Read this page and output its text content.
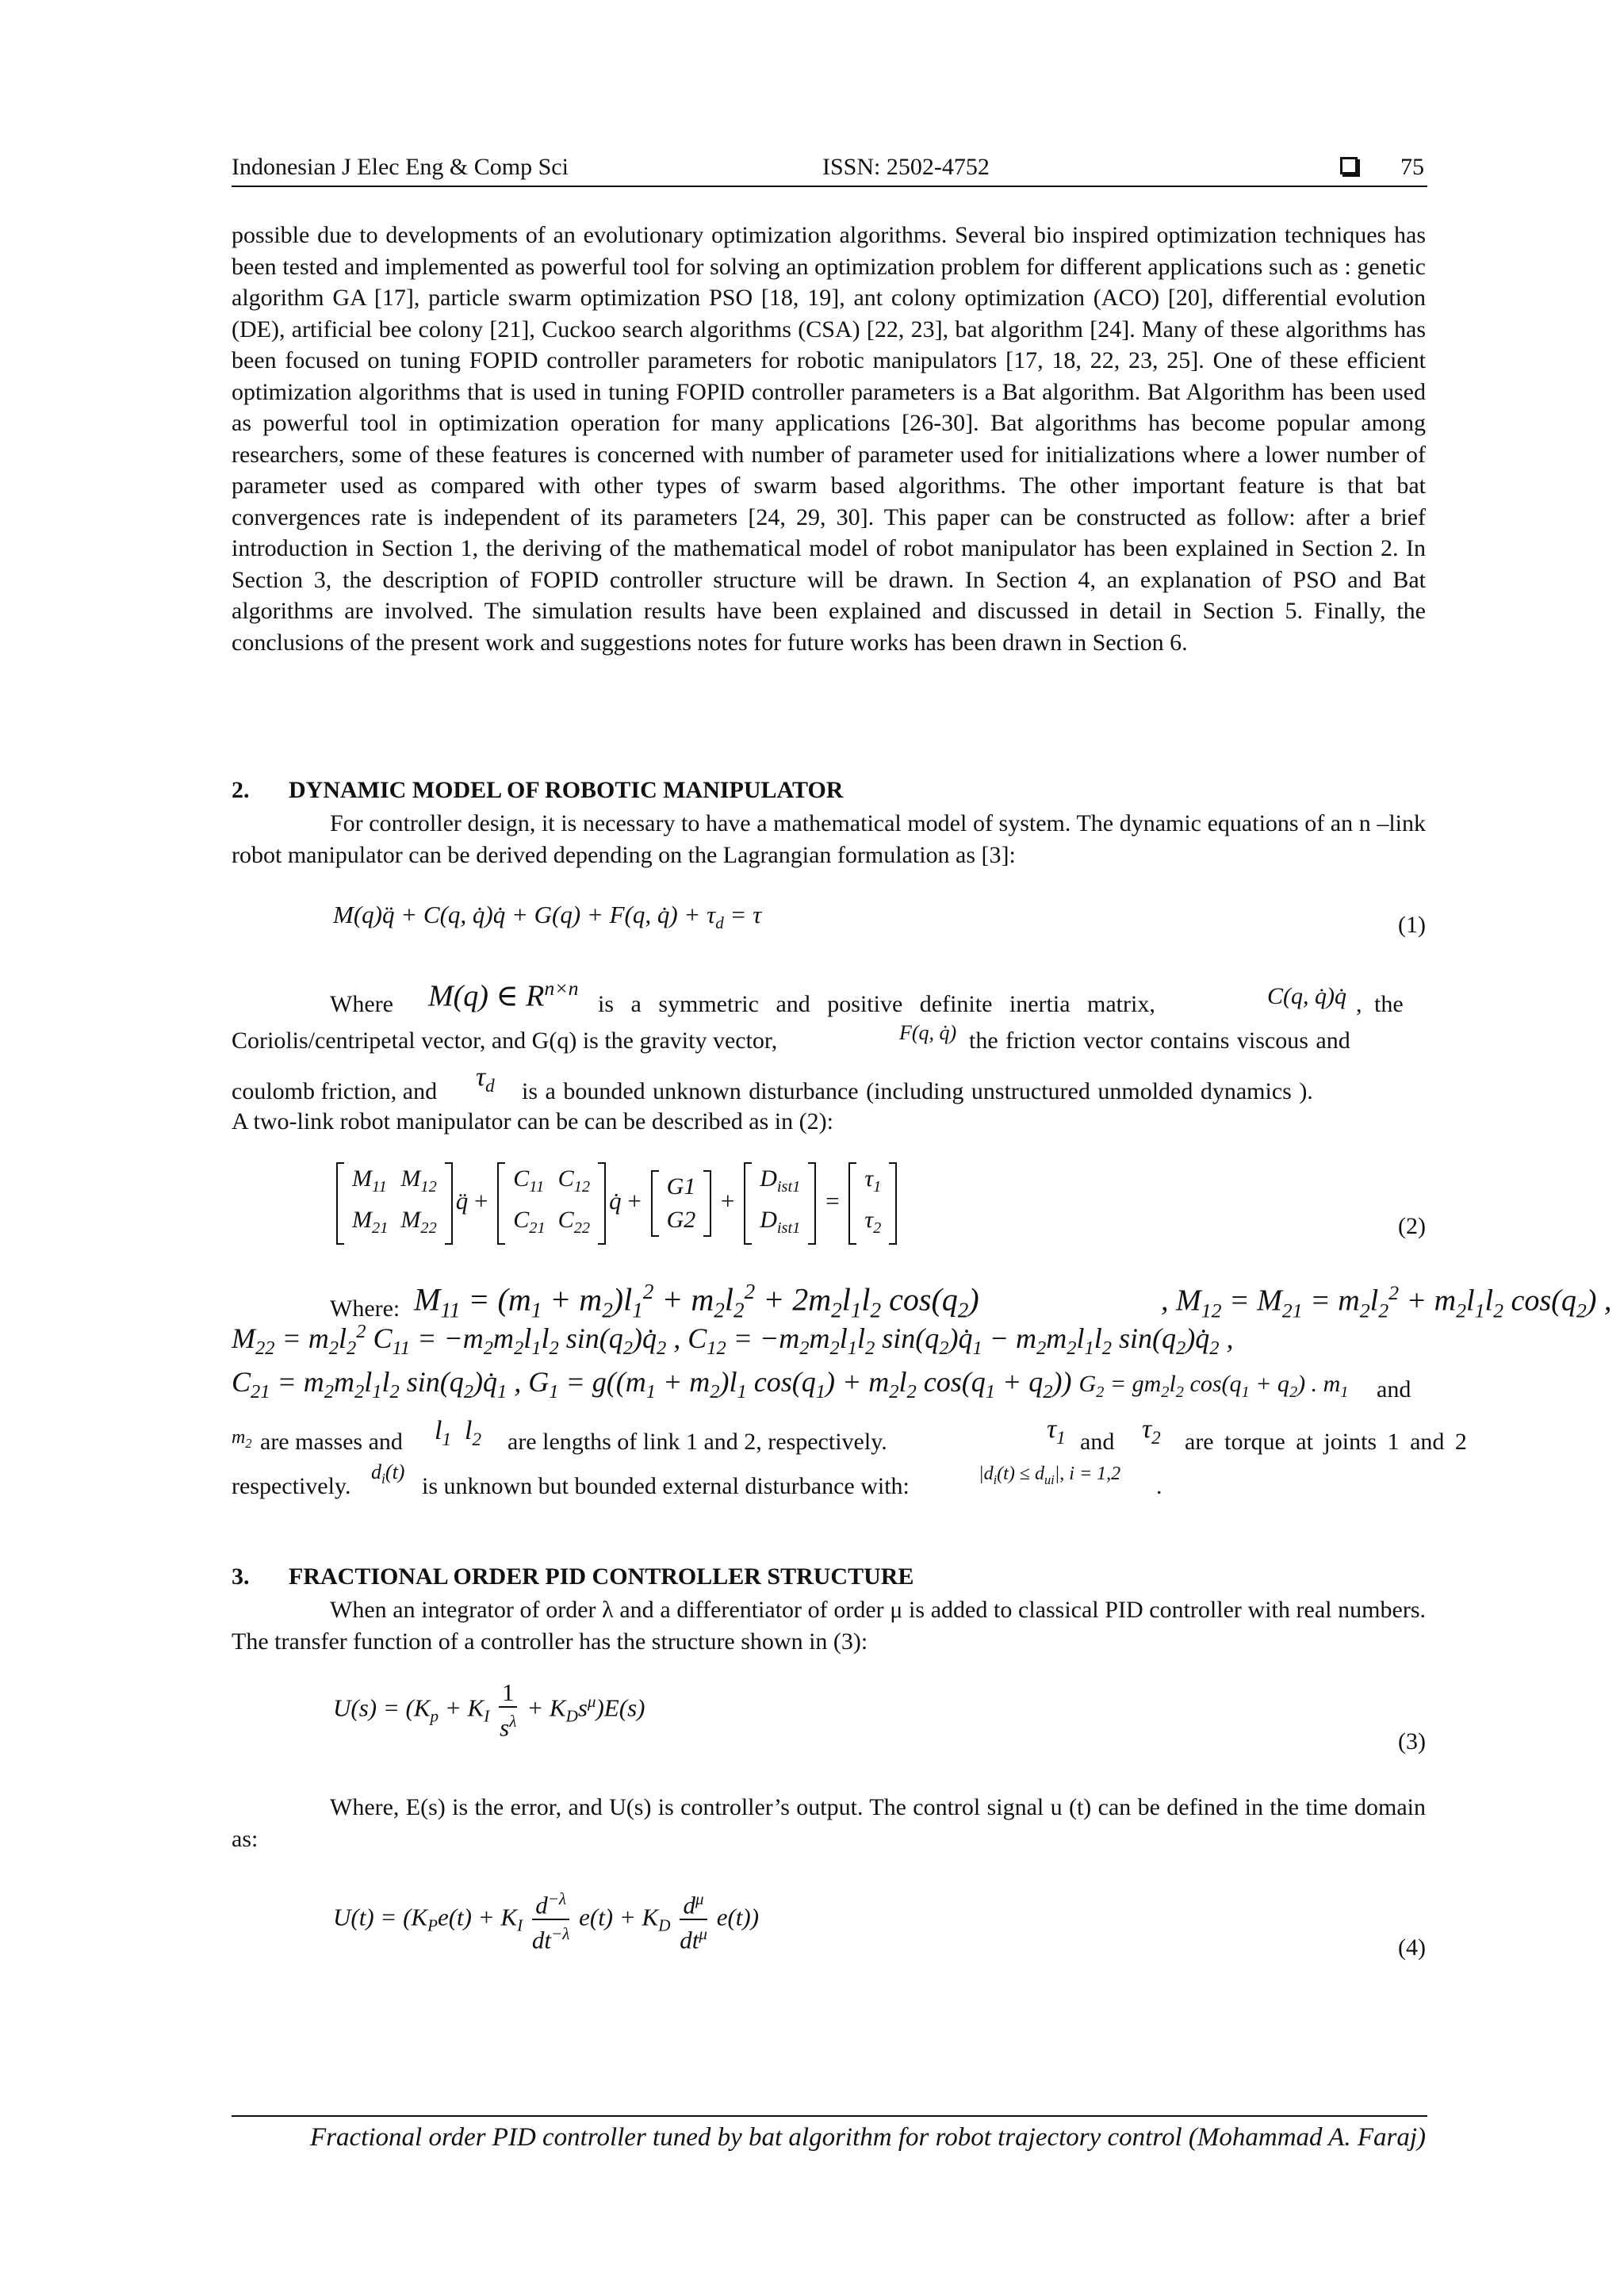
Indonesian J Elec Eng & Comp Sci	ISSN: 2502-4752	75
possible due to developments of an evolutionary optimization algorithms. Several bio inspired optimization techniques has been tested and implemented as powerful tool for solving an optimization problem for different applications such as : genetic algorithm GA [17], particle swarm optimization PSO [18, 19], ant colony optimization (ACO) [20], differential evolution (DE), artificial bee colony [21], Cuckoo search algorithms (CSA) [22, 23], bat algorithm [24]. Many of these algorithms has been focused on tuning FOPID controller parameters for robotic manipulators [17, 18, 22, 23, 25]. One of these efficient optimization algorithms that is used in tuning FOPID controller parameters is a Bat algorithm. Bat Algorithm has been used as powerful tool in optimization operation for many applications [26-30]. Bat algorithms has become popular among researchers, some of these features is concerned with number of parameter used for initializations where a lower number of parameter used as compared with other types of swarm based algorithms. The other important feature is that bat convergences rate is independent of its parameters [24, 29, 30]. This paper can be constructed as follow: after a brief introduction in Section 1, the deriving of the mathematical model of robot manipulator has been explained in Section 2. In Section 3, the description of FOPID controller structure will be drawn. In Section 4, an explanation of PSO and Bat algorithms are involved. The simulation results have been explained and discussed in detail in Section 5. Finally, the conclusions of the present work and suggestions notes for future works has been drawn in Section 6.
2. DYNAMIC MODEL OF ROBOTIC MANIPULATOR
For controller design, it is necessary to have a mathematical model of system. The dynamic equations of an n –link robot manipulator can be derived depending on the Lagrangian formulation as [3]:
M(q)q̈ + C(q, q̇)q̇ + G(q) + F(q, q̇) + $\tau_d = \tau$	(1)
Where M(q) ∈ $R^{n\times n}$
is a symmetric and positive definite inertia matrix,	C(q, q̇)q̇ , the
Coriolis/centripetal vector, and G(q) is the gravity vector,	F(q, q̇) the friction vector contains viscous and
coulomb friction, and $\tau_d$ is a bounded unknown disturbance (including unstructured unmolded dynamics ).
A two-link robot manipulator can be can be described as in (2):
$M_{11}$	$M_{12}$
$M_{21}$	$M_{22}$
q̈ +
$C_{11}$	$C_{12}$
$C_{21}$	$C_{22}$
q̇ +
G1
G2
+
$D_{ist1}$
$D_{ist1}$
=
$\tau_1$
$\tau_2$	(2)
Where: $M_{11} = (m_1 + m_2)l_1^2 + m_2l_2^2 + 2m_2l_1l_2$ $\cos(q_2)$	, $M_{12} = M_{21} = m_2l_2^2 + m_2l_1l_2$ $\cos(q_2)$ ,
$M_{22} = m_2l_2^2$ $C_{11} = -m_2m_2l_1l_2$ $\sin(q_2)q̇_2$ , $C_{12} = -m_2m_2l_1l_2$ $\sin(q_2)q̇_1 - m_2m_2l_1l_2$ $\sin(q_2)q̇_2$ ,
$C_{21} = m_2m_2l_1l_2$ $\sin(q_2)q̇_1$ , $G_1 = g((m_1 + m_2)l_1$ $\cos(q_1) + m_2l_2$ $\cos(q_1 + q_2)$) $G_2 = gm_2l_2$ $\cos(q_1 + q_2)$ . $m_1$ and
$m_2$ are masses and $l_1$  $l_2$ are lengths of link 1 and 2, respectively.	$\tau_1$ and $\tau_2$ are torque at joints 1 and 2
respectively.
$d_i(t)$
is unknown but bounded external disturbance with:	$|d_i(t) \le d_{ui}|$, i = 1,2 .
3. FRACTIONAL ORDER PID CONTROLLER STRUCTURE
When an integrator of order λ and a differentiator of order μ is added to classical PID controller with real numbers. The transfer function of a controller has the structure shown in (3):
$U(s) = (K_p + K_I \frac{1}{s^\lambda} + K_Ds^\mu)E(s)$
(3)
Where, E(s) is the error, and U(s) is controller’s output. The control signal u (t) can be defined in the time domain as:
$U(t) = (K_Pe(t) + K_I \frac{d^{-\lambda}}{dt^{-\lambda}} e(t) + K_D \frac{d^\mu}{dt^\mu} e(t))$
(4)
Fractional order PID controller tuned by bat algorithm for robot trajectory control (Mohammad A. Faraj)
